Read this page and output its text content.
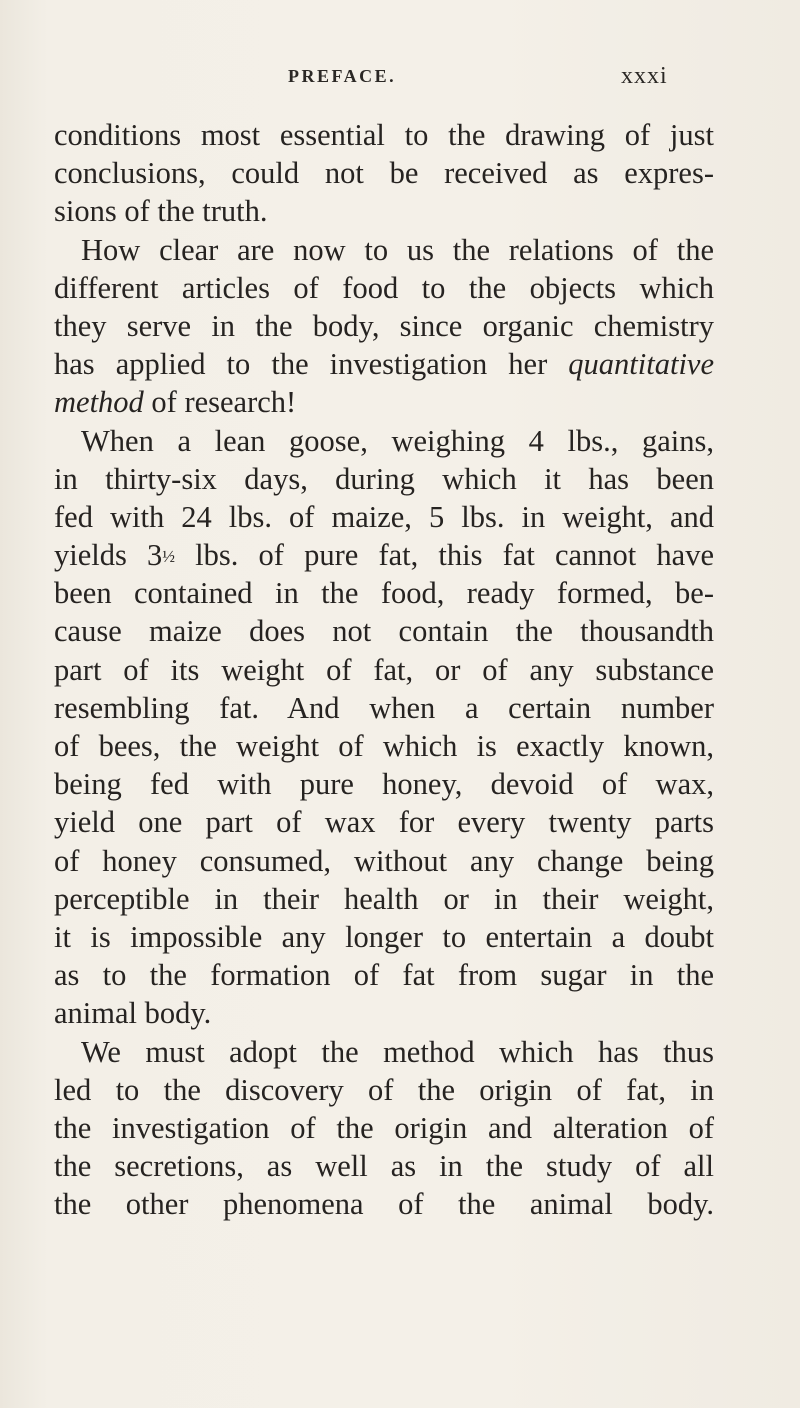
PREFACE.	xxxi
conditions most essential to the drawing of just
conclusions, could not be received as expres-
sions of the truth.
How clear are now to us the relations of the
different articles of food to the objects which
they serve in the body, since organic chemistry
has applied to the investigation her quantitative
method of research!
When a lean goose, weighing 4 lbs., gains,
in thirty-six days, during which it has been
fed with 24 lbs. of maize, 5 lbs. in weight, and
yields 3½ lbs. of pure fat, this fat cannot have
been contained in the food, ready formed, be-
cause maize does not contain the thousandth
part of its weight of fat, or of any substance
resembling fat. And when a certain number
of bees, the weight of which is exactly known,
being fed with pure honey, devoid of wax,
yield one part of wax for every twenty parts
of honey consumed, without any change being
perceptible in their health or in their weight,
it is impossible any longer to entertain a doubt
as to the formation of fat from sugar in the
animal body.
We must adopt the method which has thus
led to the discovery of the origin of fat, in
the investigation of the origin and alteration of
the secretions, as well as in the study of all
the other phenomena of the animal body.
